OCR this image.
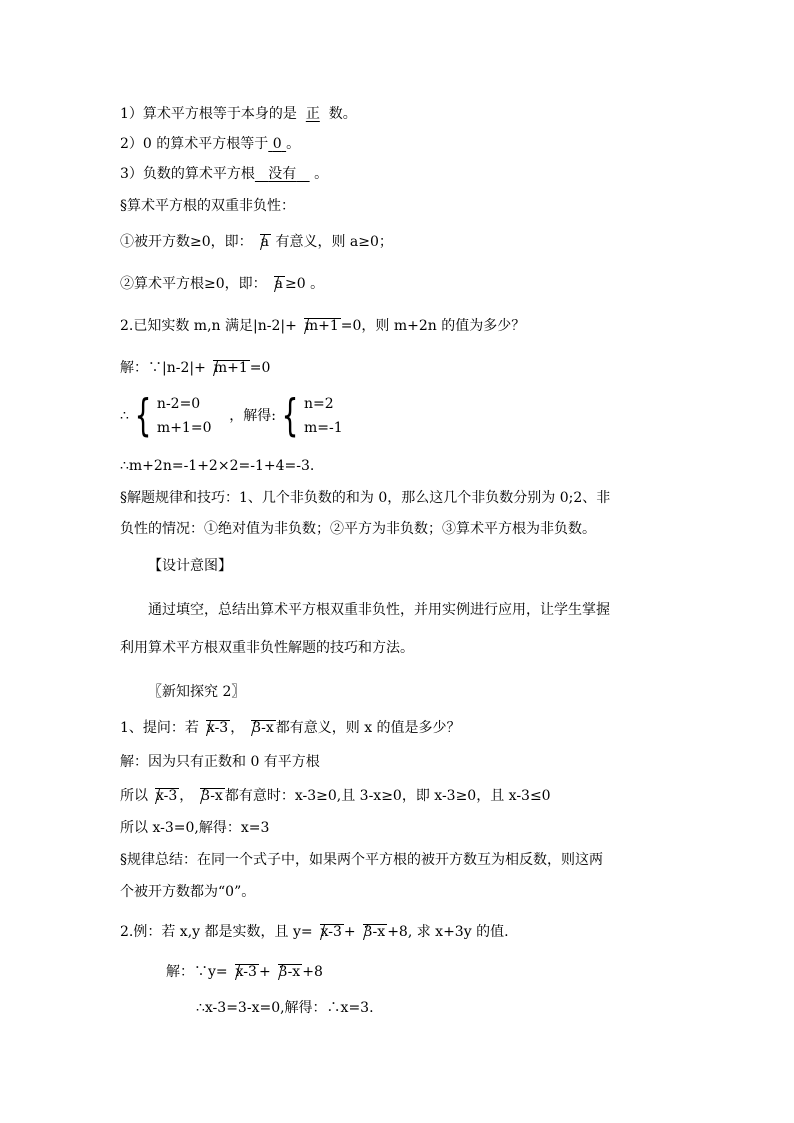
1）算术平方根等于本身的是 正 数。
2）0 的算术平方根等于 0 。
3）负数的算术平方根 没有 。
§算术平方根的双重非负性：
①被开方数≥0，即： a 有意义，则 a≥0；
②算术平方根≥0，即： a ≥0 。
2.已知实数 m,n 满足|n-2|+ m+1 =0，则 m+2n 的值为多少？
解：∵|n-2|+ m+1 =0
∴ { n-2=0
m+1=0
，解得: { n=2
m=-1
∴m+2n=-1+2×2=-1+4=-3.
§解题规律和技巧：1、几个非负数的和为 0，那么这几个非负数分别为 0;2、非
负性的情况：①绝对值为非负数；②平方为非负数；③算术平方根为非负数。
【设计意图】
通过填空，总结出算术平方根双重非负性，并用实例进行应用，让学生掌握
利用算术平方根双重非负性解题的技巧和方法。
〖新知探究 2〗
1、提问：若 x-3 ， 3-x 都有意义，则 x 的值是多少？
解：因为只有正数和 0 有平方根
所以 x-3 ， 3-x 都有意时：x-3≥0,且 3-x≥0，即 x-3≥0，且 x-3≤0
所以 x-3=0,解得：x=3
§规律总结：在同一个式子中，如果两个平方根的被开方数互为相反数，则这两
个被开方数都为“0”。
2.例：若 x,y 都是实数，且 y= x-3 + 3-x +8, 求 x+3y 的值.
解：∵y= x-3 + 3-x +8
∴x-3=3-x=0,解得：∴x=3.
